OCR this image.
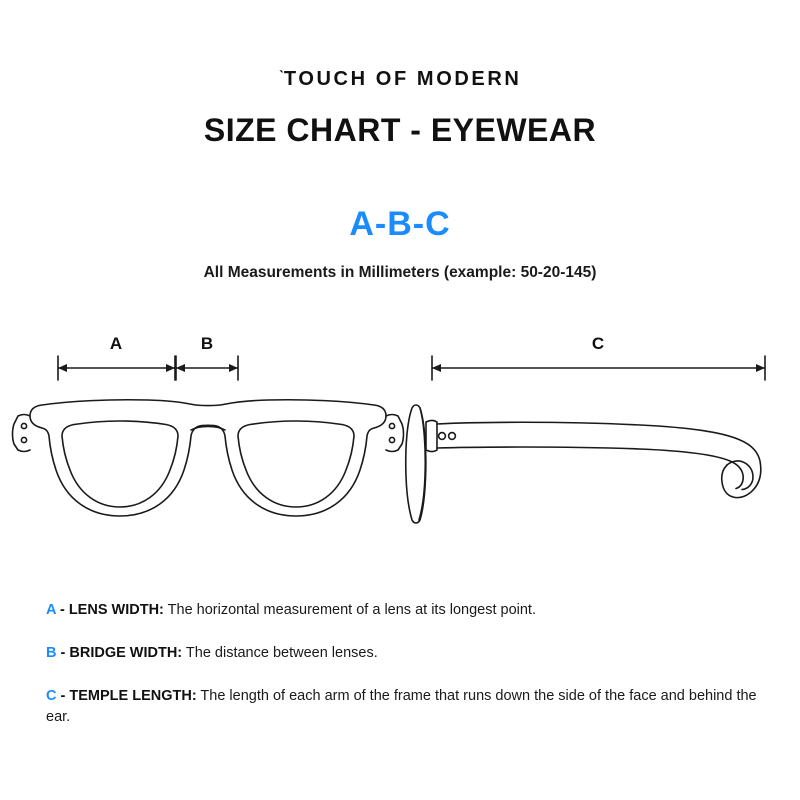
ˋTOUCH OF MODERN
SIZE CHART - EYEWEAR
A-B-C
All Measurements in Millimeters (example: 50-20-145)
A	B	C
A - LENS WIDTH: The horizontal measurement of a lens at its longest point.
B - BRIDGE WIDTH: The distance between lenses.
C - TEMPLE LENGTH: The length of each arm of the frame that runs down the side of the face and behind the ear.
